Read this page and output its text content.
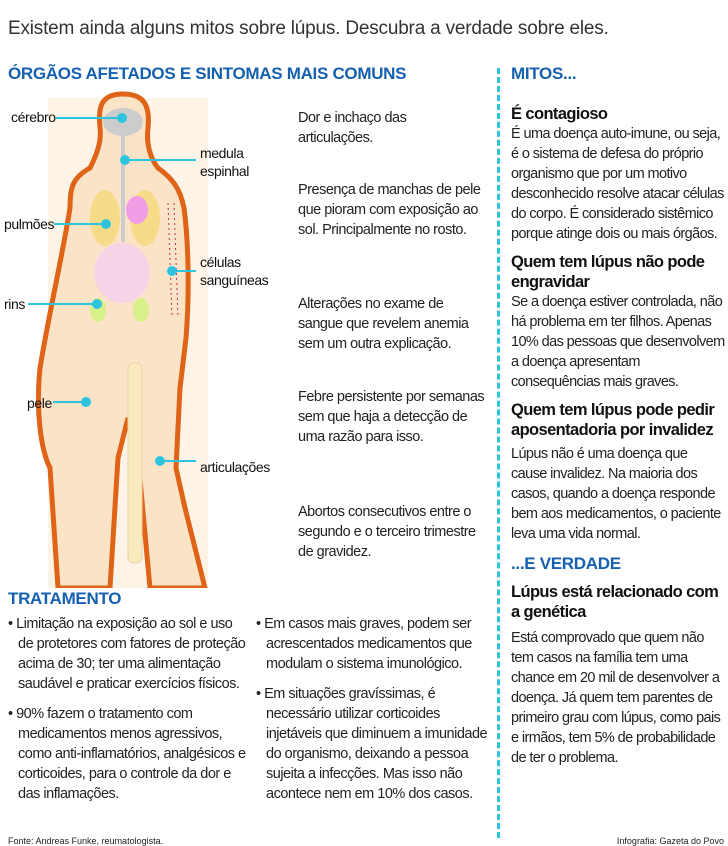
Existem ainda alguns mitos sobre lúpus. Descubra a verdade sobre eles.
ÓRGÃOS AFETADOS E SINTOMAS MAIS COMUNS	MITOS...
cérebro
medula
espinhal
pulmões
células
sanguíneas
rins
pele
articulações
Dor e inchaço das articulações.
Presença de manchas de pele que pioram com exposição ao sol. Principalmente no rosto.
Alterações no exame de sangue que revelem anemia sem um outra explicação.
Febre persistente por semanas sem que haja a detecção de uma razão para isso.
Abortos consecutivos entre o segundo e o terceiro trimestre de gravidez.
TRATAMENTO
• Limitação na exposição ao sol e uso de protetores com fatores de proteção acima de 30; ter uma alimentação saudável e praticar exercícios físicos.
• 90% fazem o tratamento com medicamentos menos agressivos, como anti-inflamatórios, analgésicos e corticoides, para o controle da dor e das inflamações.
• Em casos mais graves, podem ser acrescentados medicamentos que modulam o sistema imunológico.
• Em situações gravíssimas, é necessário utilizar corticoides injetáveis que diminuem a imunidade do organismo, deixando a pessoa sujeita a infecções. Mas isso não acontece nem em 10% dos casos.
É contagioso
É uma doença auto-imune, ou seja, é o sistema de defesa do próprio organismo que por um motivo desconhecido resolve atacar células do corpo. É considerado sistêmico porque atinge dois ou mais órgãos.
Quem tem lúpus não pode engravidar
Se a doença estiver controlada, não há problema em ter filhos. Apenas 10% das pessoas que desenvolvem a doença apresentam consequências mais graves.
Quem tem lúpus pode pedir aposentadoria por invalidez
Lúpus não é uma doença que cause invalidez. Na maioria dos casos, quando a doença responde bem aos medicamentos, o paciente leva uma vida normal.
...E VERDADE
Lúpus está relacionado com a genética
Está comprovado que quem não tem casos na família tem uma chance em 20 mil de desenvolver a doença. Já quem tem parentes de primeiro grau com lúpus, como pais e irmãos, tem 5% de probabilidade de ter o problema.
Fonte: Andreas Funke, reumatologista.	Infografia: Gazeta do Povo
